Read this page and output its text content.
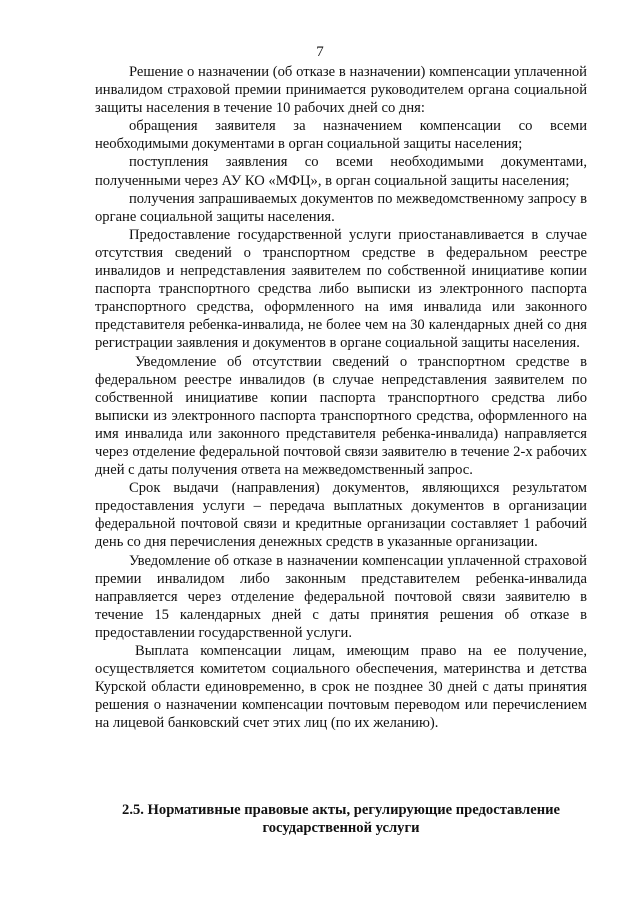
7

Решение о назначении (об отказе в назначении) компенсации уплаченной инвалидом страховой премии принимается руководителем органа социальной защиты населения в течение 10 рабочих дней со дня:

обращения заявителя за назначением компенсации со всеми необходимыми документами в орган социальной защиты населения;

поступления заявления со всеми необходимыми документами, полученными через АУ КО «МФЦ», в орган социальной защиты населения;

получения запрашиваемых документов по межведомственному запросу в органе социальной защиты населения.

Предоставление государственной услуги приостанавливается в случае отсутствия сведений о транспортном средстве в федеральном реестре инвалидов и непредставления заявителем по собственной инициативе копии паспорта транспортного средства либо выписки из электронного паспорта транспортного средства, оформленного на имя инвалида или законного представителя ребенка-инвалида, не более чем на 30 календарных дней со дня регистрации заявления и документов в органе социальной защиты населения.

Уведомление об отсутствии сведений о транспортном средстве в федеральном реестре инвалидов (в случае непредставления заявителем по собственной инициативе копии паспорта транспортного средства либо выписки из электронного паспорта транспортного средства, оформленного на имя инвалида или законного представителя ребенка-инвалида) направляется через отделение федеральной почтовой связи заявителю в течение 2-х рабочих дней с даты получения ответа на межведомственный запрос.

Срок выдачи (направления) документов, являющихся результатом предоставления услуги – передача выплатных документов в организации федеральной почтовой связи и кредитные организации составляет 1 рабочий день со дня перечисления денежных средств в указанные организации.

Уведомление об отказе в назначении компенсации уплаченной страховой премии инвалидом либо законным представителем ребенка-инвалида направляется через отделение федеральной почтовой связи заявителю в течение 15 календарных дней с даты принятия решения об отказе в предоставлении государственной услуги.

Выплата компенсации лицам, имеющим право на ее получение, осуществляется комитетом социального обеспечения, материнства и детства Курской области единовременно, в срок не позднее 30 дней с даты принятия решения о назначении компенсации почтовым переводом или перечислением на лицевой банковский счет этих лиц (по их желанию).

2.5. Нормативные правовые акты, регулирующие предоставление
государственной услуги
